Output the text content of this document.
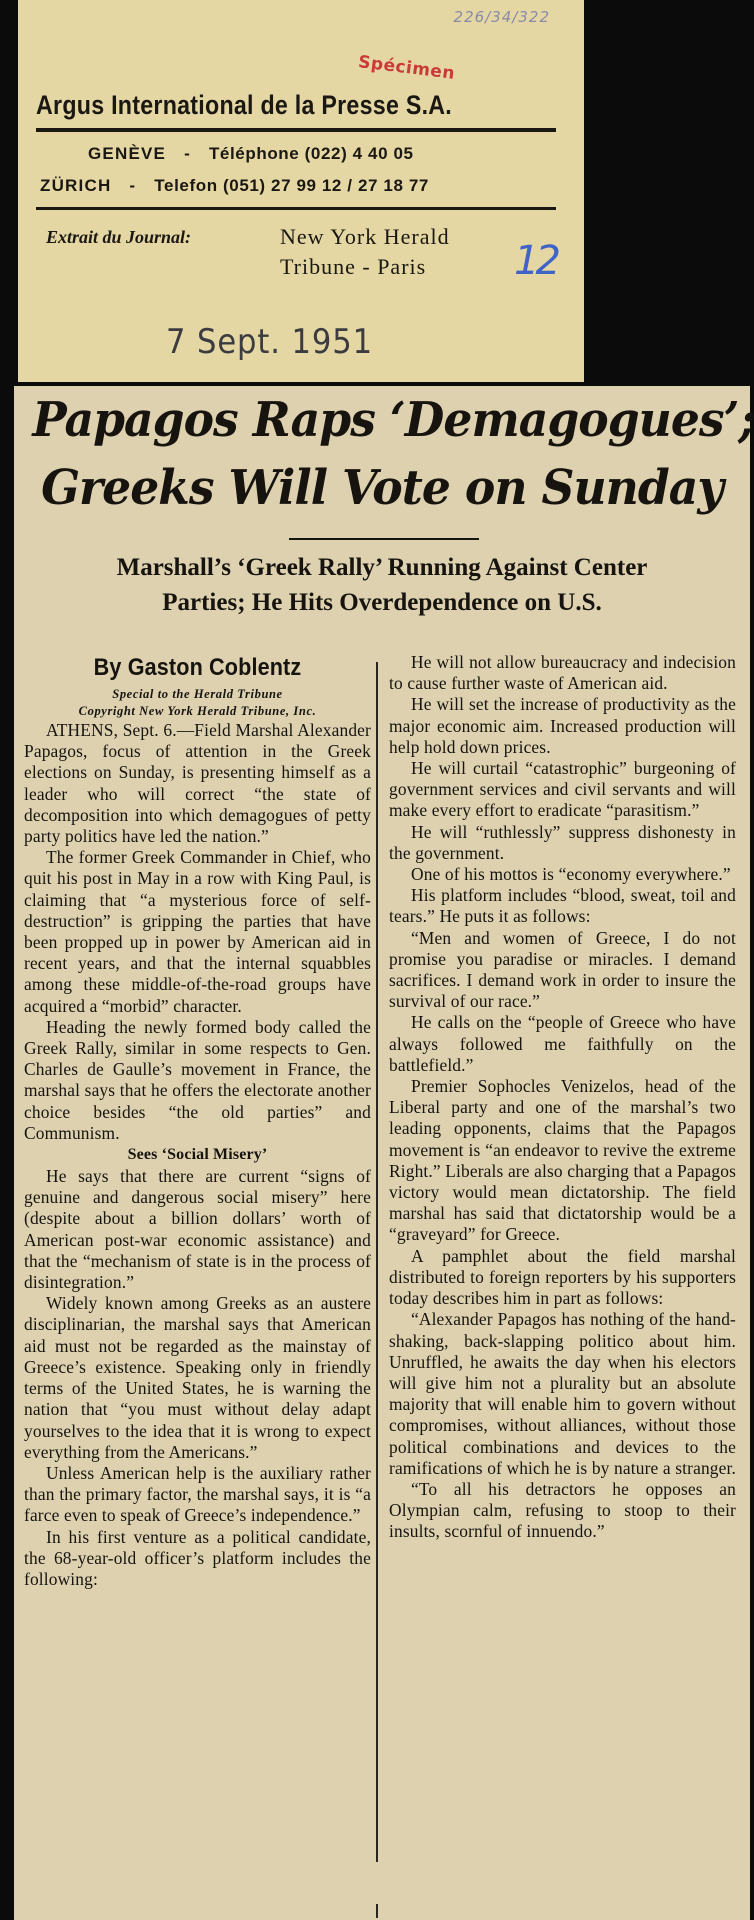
226/34/322
Spécimen
Argus International de la Presse S.A.
GENÈVE - Téléphone (022) 4 40 05
ZÜRICH - Telefon (051) 27 99 12 / 27 18 77
Extrait du Journal:	New York Herald
Tribune - Paris 12
7 Sept. 1951
Papagos Raps ‘Demagogues’;
Greeks Will Vote on Sunday
Marshall’s ‘Greek Rally’ Running Against Center
Parties; He Hits Overdependence on U.S.
By Gaston Coblentz
Special to the Herald Tribune
Copyright New York Herald Tribune, Inc.

ATHENS, Sept. 6.—Field Marshal Alexander Papagos, focus of attention in the Greek elections on Sunday, is presenting himself as a leader who will correct “the state of decomposition into which demagogues of petty party politics have led the nation.”

The former Greek Commander in Chief, who quit his post in May in a row with King Paul, is claiming that “a mysterious force of self-destruction” is gripping the parties that have been propped up in power by American aid in recent years, and that the internal squabbles among these middle-of-the-road groups have acquired a “morbid” character.

Heading the newly formed body called the Greek Rally, similar in some respects to Gen. Charles de Gaulle’s movement in France, the marshal says that he offers the electorate another choice besides “the old parties” and Communism.

Sees ‘Social Misery’

He says that there are current “signs of genuine and dangerous social misery” here (despite about a billion dollars’ worth of American post-war economic assistance) and that the “mechanism of state is in the process of disintegration.”

Widely known among Greeks as an austere disciplinarian, the marshal says that American aid must not be regarded as the mainstay of Greece’s existence. Speaking only in friendly terms of the United States, he is warning the nation that “you must without delay adapt yourselves to the idea that it is wrong to expect everything from the Americans.”

Unless American help is the auxiliary rather than the primary factor, the marshal says, it is “a farce even to speak of Greece’s independence.”

In his first venture as a political candidate, the 68-year-old officer’s platform includes the following:

He will not allow bureaucracy and indecision to cause further waste of American aid.

He will set the increase of productivity as the major economic aim. Increased production will help hold down prices.

He will curtail “catastrophic” burgeoning of government services and civil servants and will make every effort to eradicate “parasitism.”

He will “ruthlessly” suppress dishonesty in the government.

One of his mottos is “economy everywhere.”

His platform includes “blood, sweat, toil and tears.” He puts it as follows:

“Men and women of Greece, I do not promise you paradise or miracles. I demand sacrifices. I demand work in order to insure the survival of our race.”

He calls on the “people of Greece who have always followed me faithfully on the battlefield.”

Premier Sophocles Venizelos, head of the Liberal party and one of the marshal’s two leading opponents, claims that the Papagos movement is “an endeavor to revive the extreme Right.” Liberals are also charging that a Papagos victory would mean dictatorship. The field marshal has said that dictatorship would be a “graveyard” for Greece.

A pamphlet about the field marshal distributed to foreign reporters by his supporters today describes him in part as follows:

“Alexander Papagos has nothing of the hand-shaking, back-slapping politico about him. Unruffled, he awaits the day when his electors will give him not a plurality but an absolute majority that will enable him to govern without compromises, without alliances, without those political combinations and devices to the ramifications of which he is by nature a stranger.

“To all his detractors he opposes an Olympian calm, refusing to stoop to their insults, scornful of innuendo.”
